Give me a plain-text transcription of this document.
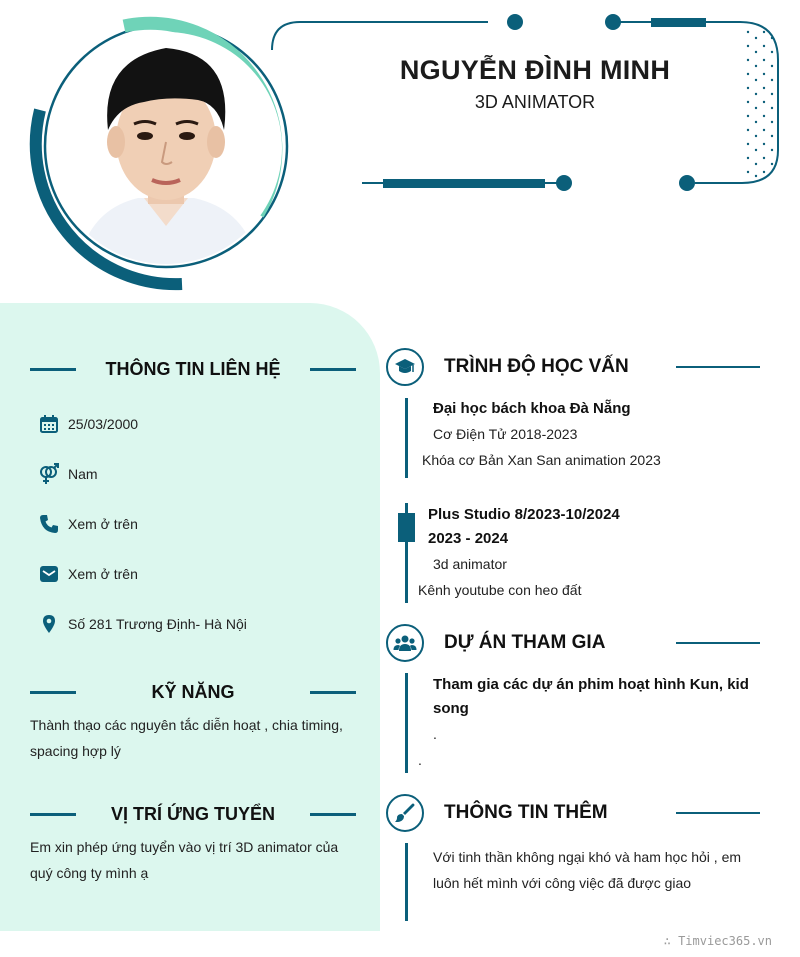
NGUYỄN ĐÌNH MINH
3D ANIMATOR
THÔNG TIN LIÊN HỆ
25/03/2000
Nam
Xem ở trên
Xem ở trên
Số 281 Trương Định- Hà Nội
KỸ NĂNG
Thành thạo các nguyên tắc diễn hoạt , chia timing,
spacing hợp lý
VỊ TRÍ ỨNG TUYỂN
Em xin phép ứng tuyển vào vị trí 3D animator của
quý công ty mình ạ
TRÌNH ĐỘ HỌC VẤN
Đại học bách khoa Đà Nẵng
Cơ Điện Tử 2018-2023
Khóa cơ Bản Xan San animation 2023
Plus Studio 8/2023-10/2024
2023 - 2024
3d animator
Kênh youtube con heo đất
DỰ ÁN THAM GIA
Tham gia các dự án phim hoạt hình Kun, kid
song
.
.
THÔNG TIN THÊM
Với tinh thần không ngại khó và ham học hỏi , em
luôn hết mình với công việc đã được giao
∴ Timviec365.vn
